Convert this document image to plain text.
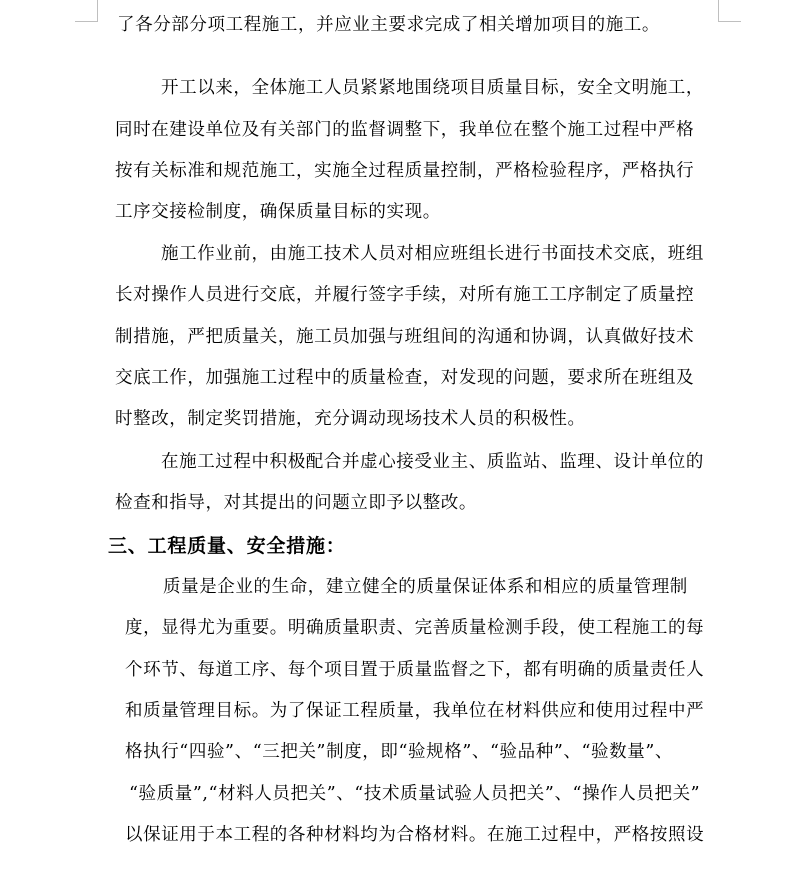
了各分部分项工程施工，并应业主要求完成了相关增加项目的施工。
开工以来，全体施工人员紧紧地围绕项目质量目标，安全文明施工，
同时在建设单位及有关部门的监督调整下，我单位在整个施工过程中严格
按有关标准和规范施工，实施全过程质量控制，严格检验程序，严格执行
工序交接检制度，确保质量目标的实现。
施工作业前，由施工技术人员对相应班组长进行书面技术交底，班组
长对操作人员进行交底，并履行签字手续，对所有施工工序制定了质量控
制措施，严把质量关，施工员加强与班组间的沟通和协调，认真做好技术
交底工作，加强施工过程中的质量检查，对发现的问题，要求所在班组及
时整改，制定奖罚措施，充分调动现场技术人员的积极性。
在施工过程中积极配合并虚心接受业主、质监站、监理、设计单位的
检查和指导，对其提出的问题立即予以整改。
三、工程质量、安全措施：
质量是企业的生命，建立健全的质量保证体系和相应的质量管理制
度，显得尤为重要。明确质量职责、完善质量检测手段，使工程施工的每
个环节、每道工序、每个项目置于质量监督之下，都有明确的质量责任人
和质量管理目标。为了保证工程质量，我单位在材料供应和使用过程中严
格执行“四验”、“三把关”制度，即“验规格”、“验品种”、“验数量”、
“验质量”,“材料人员把关”、“技术质量试验人员把关”、“操作人员把关”
以保证用于本工程的各种材料均为合格材料。在施工过程中，严格按照设
